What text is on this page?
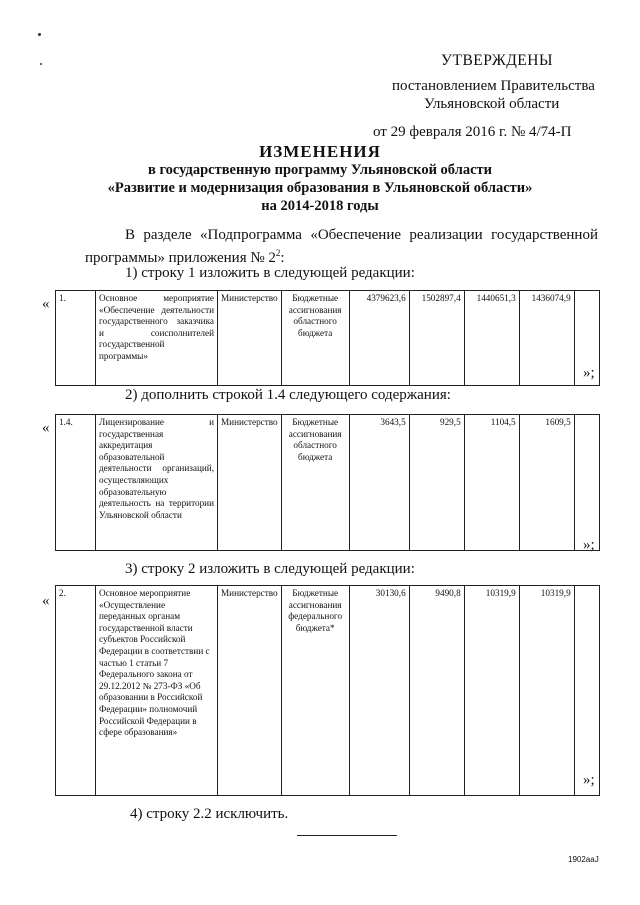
УТВЕРЖДЕНЫ
постановлением Правительства
Ульяновской области
от 29 февраля 2016 г. № 4/74-П
ИЗМЕНЕНИЯ
в государственную программу Ульяновской области
«Развитие и модернизация образования в Ульяновской области»
на 2014-2018 годы
В разделе «Подпрограмма «Обеспечение реализации государственной программы» приложения № $2^2$:
1) строку 1 изложить в следующей редакции:
« 1.	Основное мероприятие «Обеспечение деятельности государственного заказчика и соисполнителей государственной программы»	Министерство	Бюджетные ассигнования областного бюджета	4379623,6	1502897,4	1440651,3	1436074,9	
»;
2) дополнить строкой 1.4 следующего содержания:
« 1.4.	Лицензирование и государственная аккредитация образовательной деятельности организаций, осуществляющих образовательную деятельность на территории Ульяновской области	Министерство	Бюджетные ассигнования областного бюджета	3643,5	929,5	1104,5	1609,5	
»;
3) строку 2 изложить в следующей редакции:
« 2.	Основное мероприятие «Осуществление переданных органам государственной власти субъектов Российской Федерации в соответствии с частью 1 статьи 7 Федерального закона от 29.12.2012 № 273-ФЗ «Об образовании в Российской Федерации» полномочий Российской Федерации в сфере образования»	Министерство	Бюджетные ассигнования федерального бюджета*	30130,6	9490,8	10319,9	10319,9	
»;
4) строку 2.2 исключить.
1902aaJ
